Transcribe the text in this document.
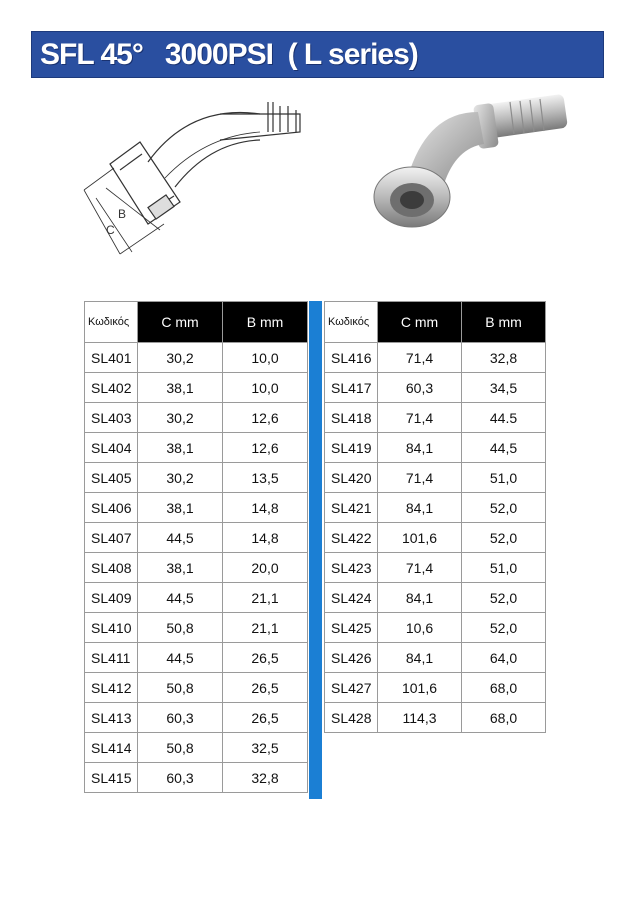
SFL 45°   3000PSI  ( L series)
B
C
Κωδικός	C mm	B mm
SL401	30,2	10,0
SL402	38,1	10,0
SL403	30,2	12,6
SL404	38,1	12,6
SL405	30,2	13,5
SL406	38,1	14,8
SL407	44,5	14,8
SL408	38,1	20,0
SL409	44,5	21,1
SL410	50,8	21,1
SL411	44,5	26,5
SL412	50,8	26,5
SL413	60,3	26,5
SL414	50,8	32,5
SL415	60,3	32,8
Κωδικός	C mm	B mm
SL416	71,4	32,8
SL417	60,3	34,5
SL418	71,4	44.5
SL419	84,1	44,5
SL420	71,4	51,0
SL421	84,1	52,0
SL422	101,6	52,0
SL423	71,4	51,0
SL424	84,1	52,0
SL425	10,6	52,0
SL426	84,1	64,0
SL427	101,6	68,0
SL428	114,3	68,0
